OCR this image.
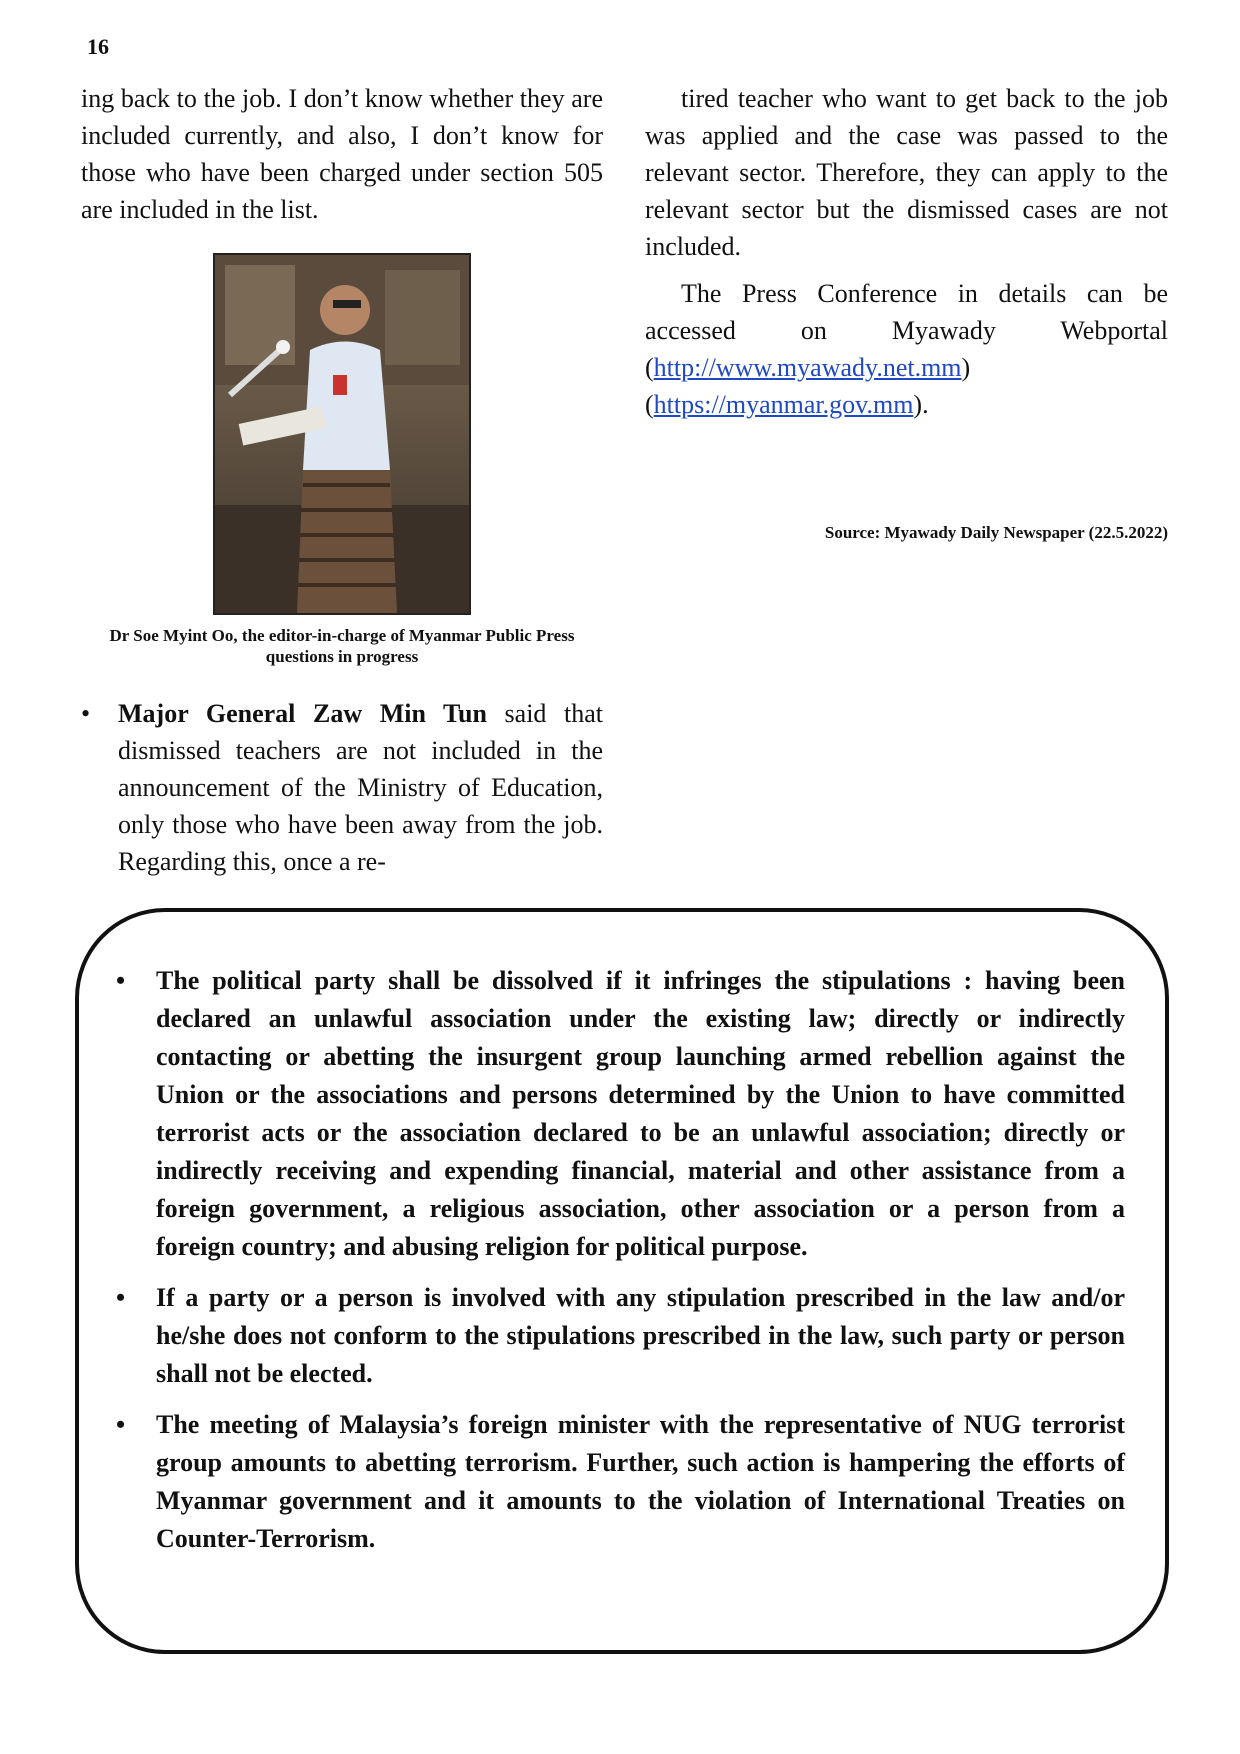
16

ing back to the job. I don’t know whether they are included currently, and also, I don’t know for those who have been charged under section 505 are included in the list.

Dr Soe Myint Oo, the editor-in-charge of Myanmar Public Press questions in progress
• Major General Zaw Min Tun said that dismissed teachers are not included in the announcement of the Ministry of Education, only those who have been away from the job. Regarding this, once a re-

tired teacher who want to get back to the job was applied and the case was passed to the relevant sector. Therefore, they can apply to the relevant sector but the dismissed cases are not included.

The Press Conference in details can be accessed on Myawady Webportal (http://www.myawady.net.mm) (https://myanmar.gov.mm).

Source: Myawady Daily Newspaper (22.5.2022)
• The political party shall be dissolved if it infringes the stipulations : having been declared an unlawful association under the existing law; directly or indirectly contacting or abetting the insurgent group launching armed rebellion against the Union or the associations and persons determined by the Union to have committed terrorist acts or the association declared to be an unlawful association; directly or indirectly receiving and expending financial, material and other assistance from a foreign government, a religious association, other association or a person from a foreign country; and abusing religion for political purpose.
• If a party or a person is involved with any stipulation prescribed in the law and/or he/she does not conform to the stipulations prescribed in the law, such party or person shall not be elected.
• The meeting of Malaysia’s foreign minister with the representative of NUG terrorist group amounts to abetting terrorism. Further, such action is hampering the efforts of Myanmar government and it amounts to the violation of International Treaties on Counter-Terrorism.
